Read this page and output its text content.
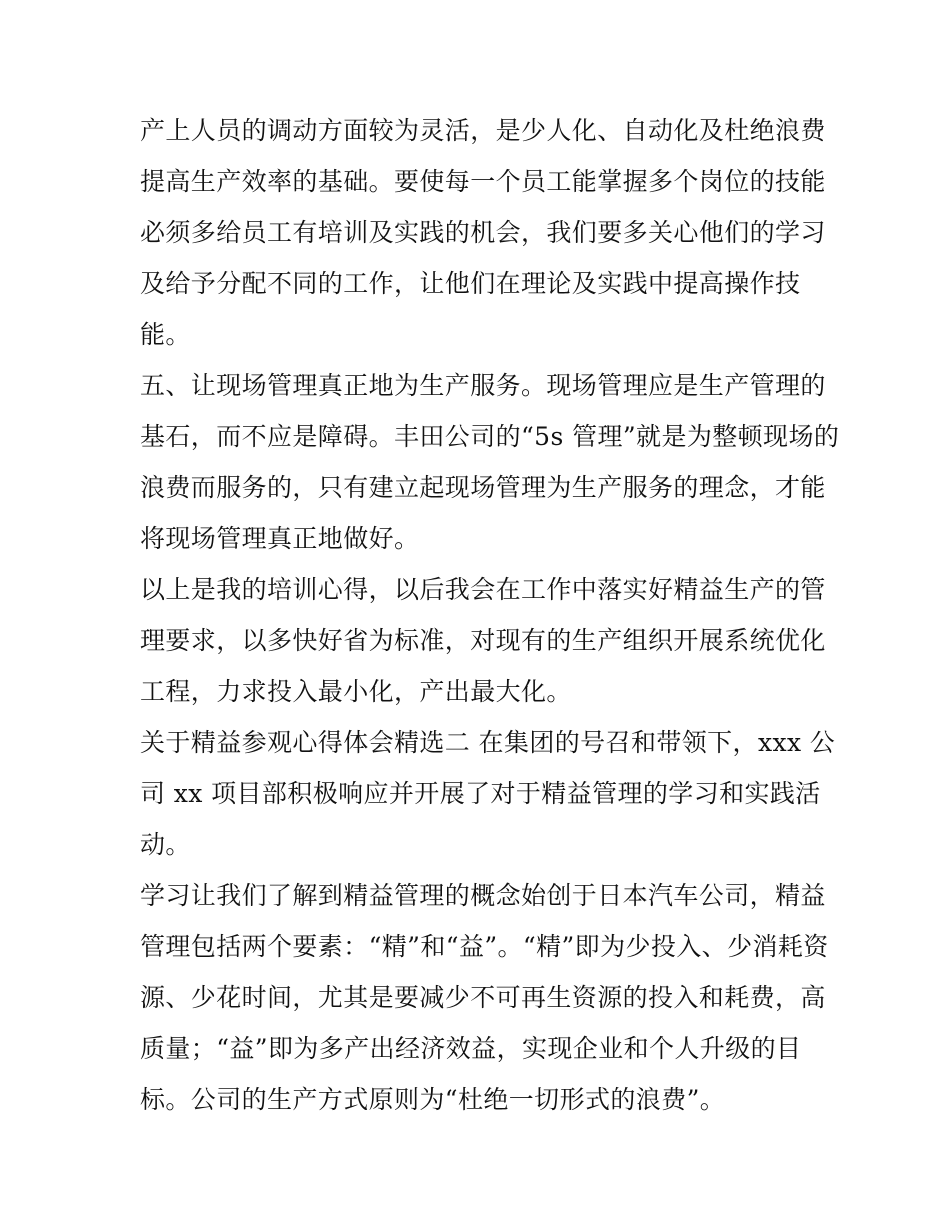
产上人员的调动方面较为灵活，是少人化、自动化及杜绝浪费
提高生产效率的基础。要使每一个员工能掌握多个岗位的技能
必须多给员工有培训及实践的机会，我们要多关心他们的学习
及给予分配不同的工作，让他们在理论及实践中提高操作技
能。
五、让现场管理真正地为生产服务。现场管理应是生产管理的
基石，而不应是障碍。丰田公司的“5s 管理”就是为整顿现场的
浪费而服务的，只有建立起现场管理为生产服务的理念，才能
将现场管理真正地做好。
以上是我的培训心得，以后我会在工作中落实好精益生产的管
理要求，以多快好省为标准，对现有的生产组织开展系统优化
工程，力求投入最小化，产出最大化。
关于精益参观心得体会精选二 在集团的号召和带领下，xxx 公
司 xx 项目部积极响应并开展了对于精益管理的学习和实践活
动。
学习让我们了解到精益管理的概念始创于日本汽车公司，精益
管理包括两个要素：“精”和“益”。“精”即为少投入、少消耗资
源、少花时间，尤其是要减少不可再生资源的投入和耗费，高
质量；“益”即为多产出经济效益，实现企业和个人升级的目
标。公司的生产方式原则为“杜绝一切形式的浪费”。
